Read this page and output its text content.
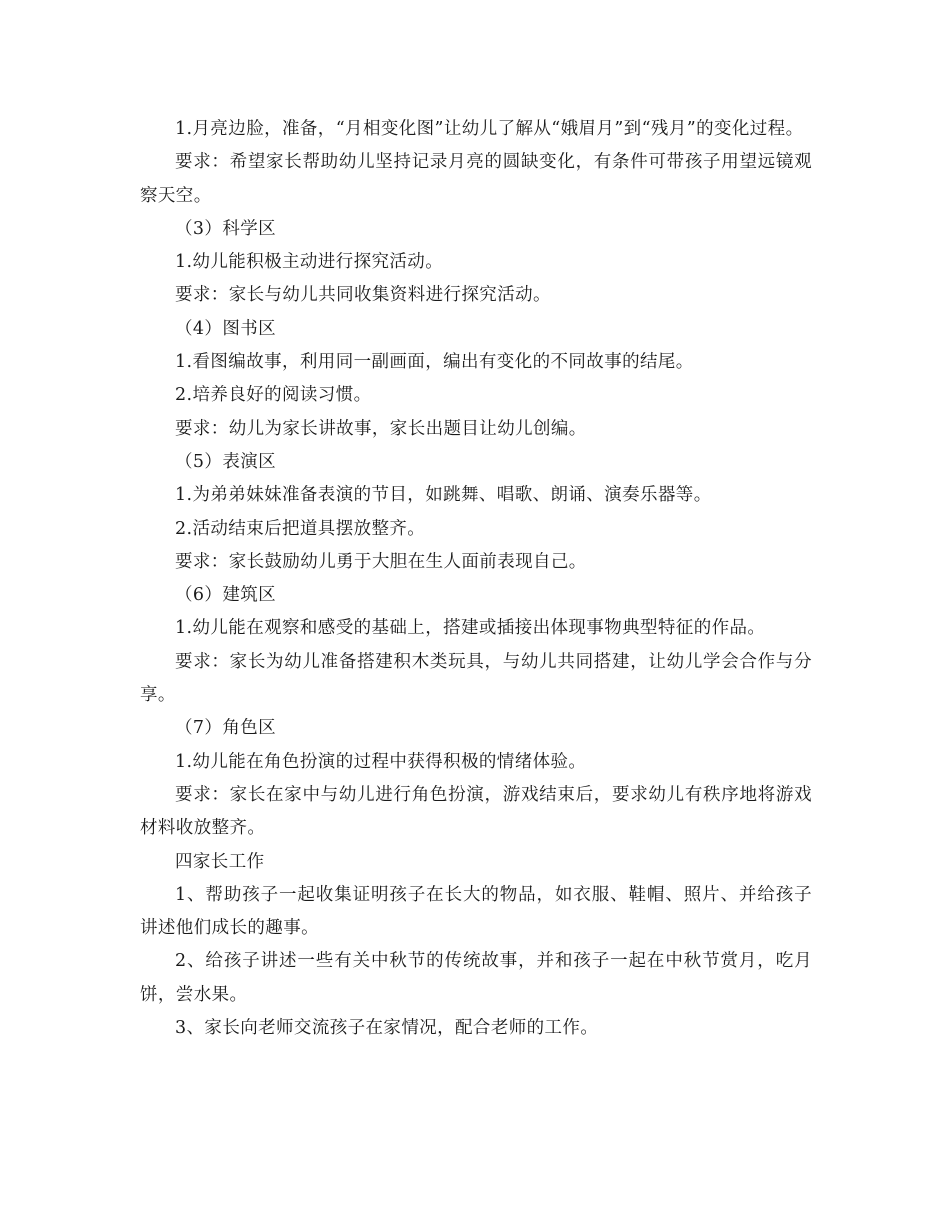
1.月亮边脸，准备，“月相变化图”让幼儿了解从“娥眉月”到“残月”的变化过程。

要求：希望家长帮助幼儿坚持记录月亮的圆缺变化，有条件可带孩子用望远镜观察天空。

（3）科学区

1.幼儿能积极主动进行探究活动。

要求：家长与幼儿共同收集资料进行探究活动。

（4）图书区

1.看图编故事，利用同一副画面，编出有变化的不同故事的结尾。

2.培养良好的阅读习惯。

要求：幼儿为家长讲故事，家长出题目让幼儿创编。

（5）表演区

1.为弟弟妹妹准备表演的节目，如跳舞、唱歌、朗诵、演奏乐器等。

2.活动结束后把道具摆放整齐。

要求：家长鼓励幼儿勇于大胆在生人面前表现自己。

（6）建筑区

1.幼儿能在观察和感受的基础上，搭建或插接出体现事物典型特征的作品。

要求：家长为幼儿准备搭建积木类玩具，与幼儿共同搭建，让幼儿学会合作与分享。

（7）角色区

1.幼儿能在角色扮演的过程中获得积极的情绪体验。

要求：家长在家中与幼儿进行角色扮演，游戏结束后，要求幼儿有秩序地将游戏材料收放整齐。

四家长工作

1、帮助孩子一起收集证明孩子在长大的物品，如衣服、鞋帽、照片、并给孩子讲述他们成长的趣事。

2、给孩子讲述一些有关中秋节的传统故事，并和孩子一起在中秋节赏月，吃月饼，尝水果。

3、家长向老师交流孩子在家情况，配合老师的工作。
